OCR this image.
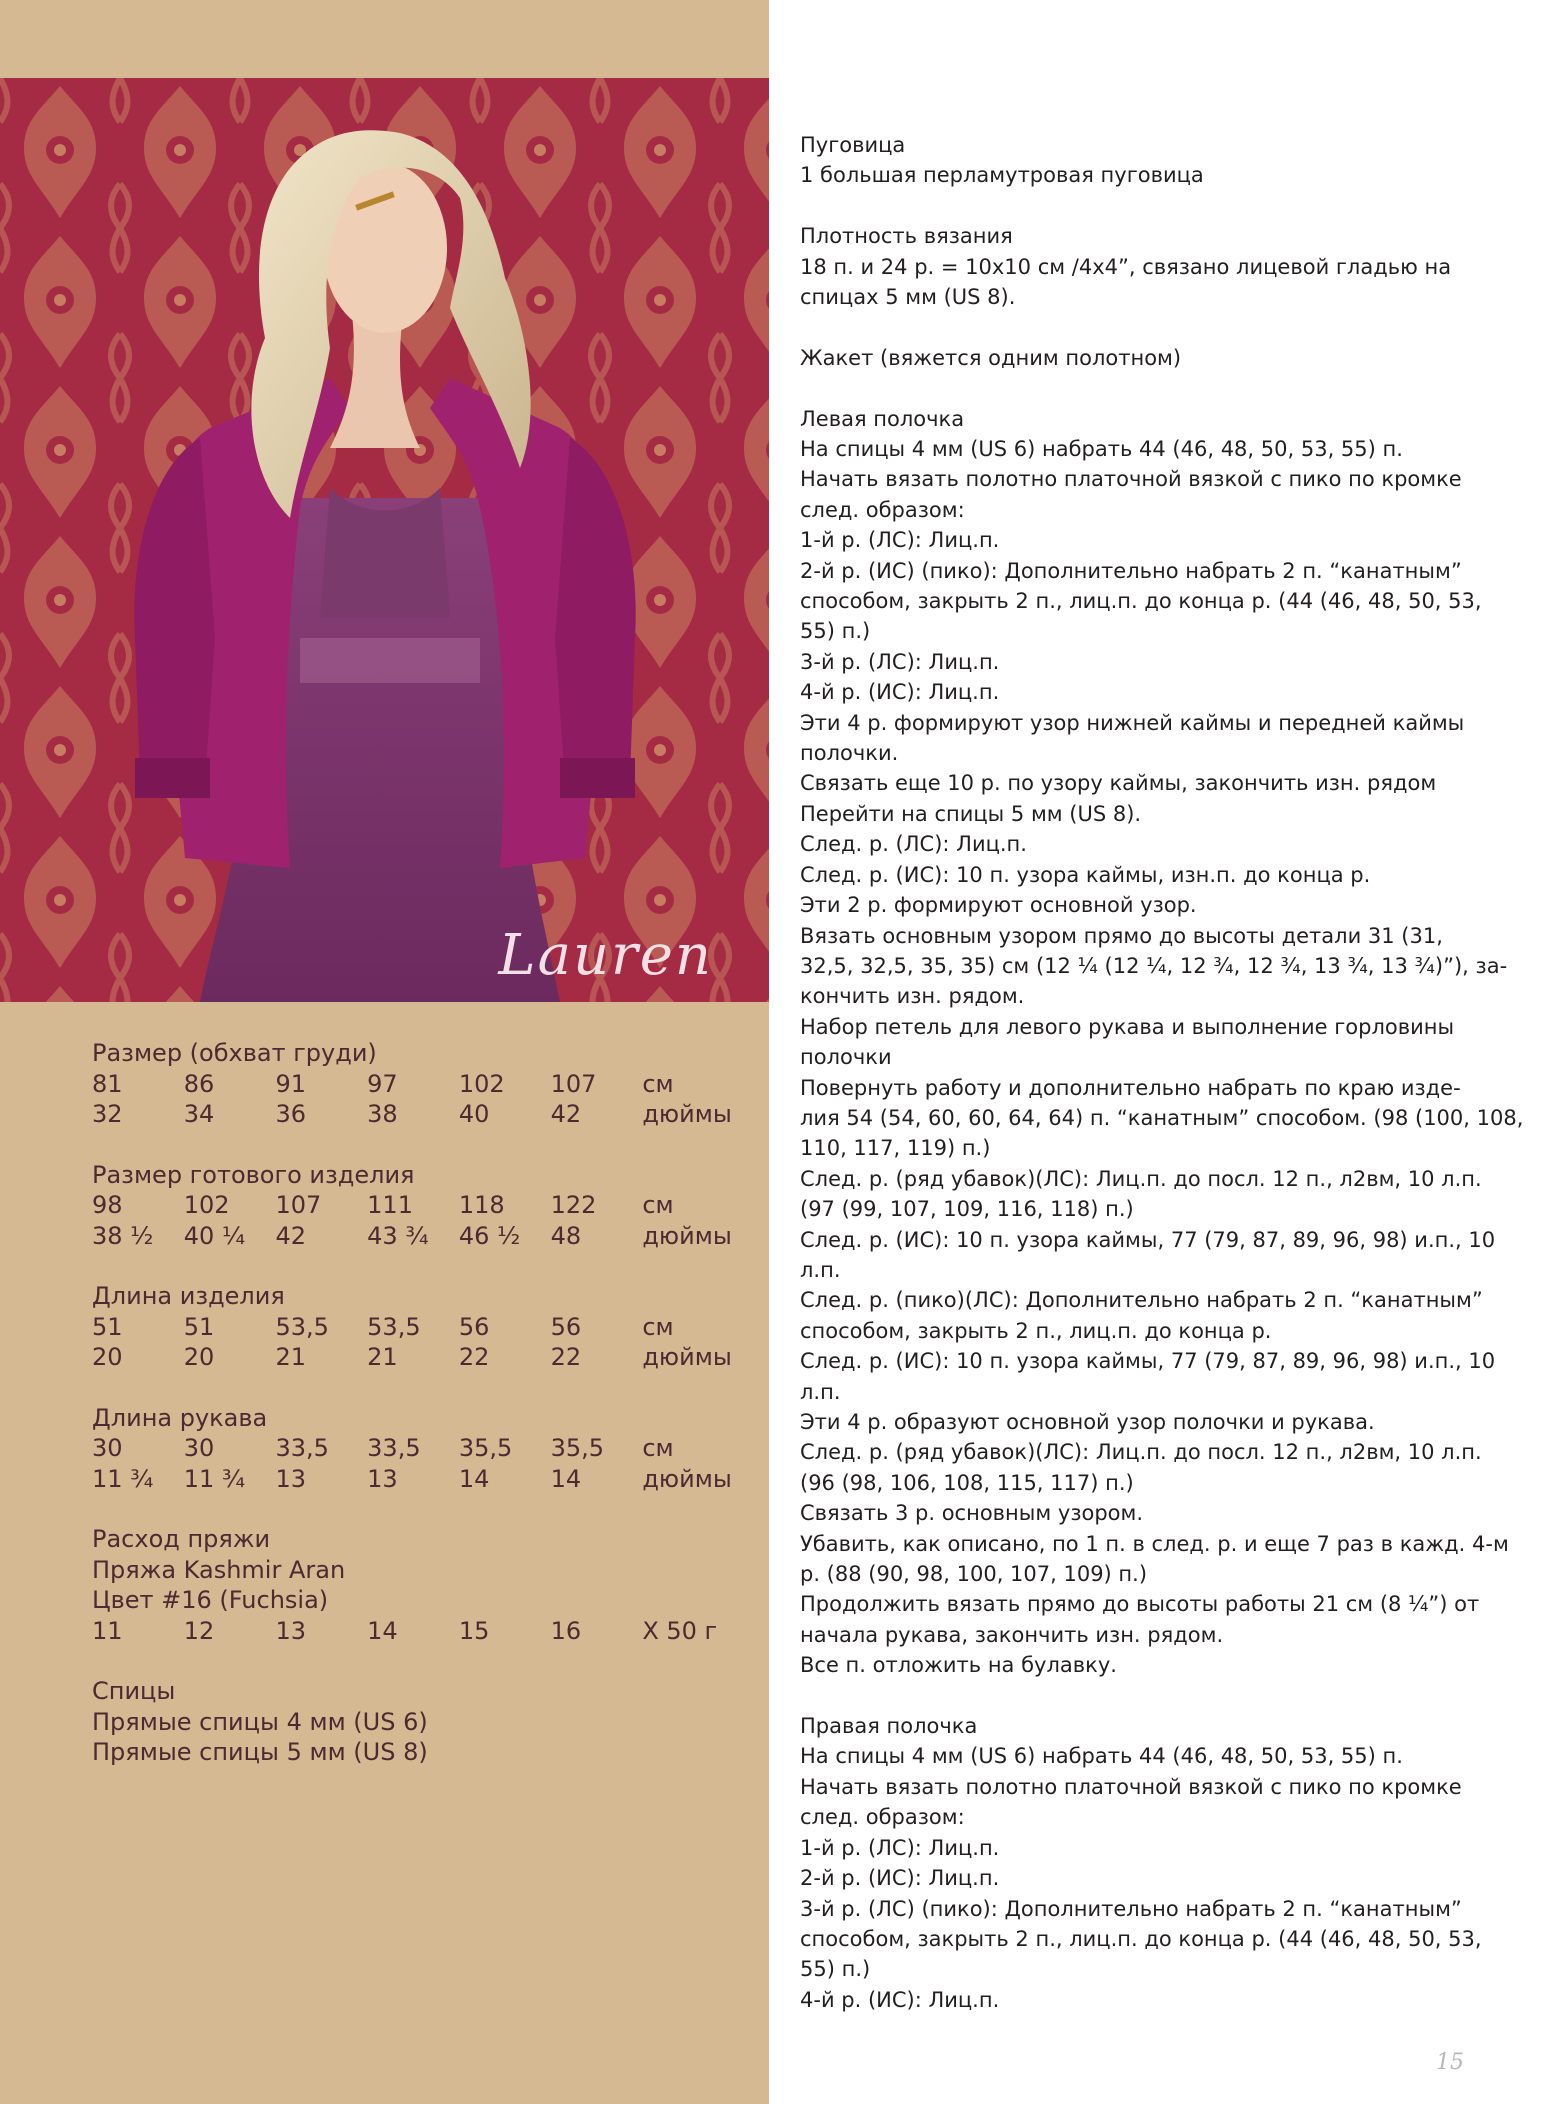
Lauren
Размер (обхват груди)
81	86	91	97	102	107	см
32	34	36	38	40	42	дюймы
Размер готового изделия
98	102	107	111	118	122	см
38 ½	40 ¼	42	43 ¾	46 ½	48	дюймы
Длина изделия
51	51	53,5	53,5	56	56	см
20	20	21	21	22	22	дюймы
Длина рукава
30	30	33,5	33,5	35,5	35,5	см
11 ¾	11 ¾	13	13	14	14	дюймы
Расход пряжи
Пряжа Kashmir Aran
Цвет #16 (Fuchsia)
11	12	13	14	15	16	X 50 г
Спицы
Прямые спицы 4 мм (US 6)
Прямые спицы 5 мм (US 8)
Пуговица
1 большая перламутровая пуговица
Плотность вязания
18 п. и 24 р. = 10x10 см /4x4”, связано лицевой гладью на
спицах 5 мм (US 8).
Жакет (вяжется одним полотном)
Левая полочка
На спицы 4 мм (US 6) набрать 44 (46, 48, 50, 53, 55) п.
Начать вязать полотно платочной вязкой с пико по кромке
след. образом:
1-й р. (ЛС): Лиц.п.
2-й р. (ИС) (пико): Дополнительно набрать 2 п. “канатным”
способом, закрыть 2 п., лиц.п. до конца р. (44 (46, 48, 50, 53,
55) п.)
3-й р. (ЛС): Лиц.п.
4-й р. (ИС): Лиц.п.
Эти 4 р. формируют узор нижней каймы и передней каймы
полочки.
Связать еще 10 р. по узору каймы, закончить изн. рядом
Перейти на спицы 5 мм (US 8).
След. р. (ЛС): Лиц.п.
След. р. (ИС): 10 п. узора каймы, изн.п. до конца р.
Эти 2 р. формируют основной узор.
Вязать основным узором прямо до высоты детали 31 (31,
32,5, 32,5, 35, 35) см (12 ¼ (12 ¼, 12 ¾, 12 ¾, 13 ¾, 13 ¾)”), за-
кончить изн. рядом.
Набор петель для левого рукава и выполнение горловины
полочки
Повернуть работу и дополнительно набрать по краю изде-
лия 54 (54, 60, 60, 64, 64) п. “канатным” способом. (98 (100, 108,
110, 117, 119) п.)
След. р. (ряд убавок)(ЛС): Лиц.п. до посл. 12 п., л2вм, 10 л.п.
(97 (99, 107, 109, 116, 118) п.)
След. р. (ИС): 10 п. узора каймы, 77 (79, 87, 89, 96, 98) и.п., 10
л.п.
След. р. (пико)(ЛС): Дополнительно набрать 2 п. “канатным”
способом, закрыть 2 п., лиц.п. до конца р.
След. р. (ИС): 10 п. узора каймы, 77 (79, 87, 89, 96, 98) и.п., 10
л.п.
Эти 4 р. образуют основной узор полочки и рукава.
След. р. (ряд убавок)(ЛС): Лиц.п. до посл. 12 п., л2вм, 10 л.п.
(96 (98, 106, 108, 115, 117) п.)
Связать 3 р. основным узором.
Убавить, как описано, по 1 п. в след. р. и еще 7 раз в кажд. 4-м
р. (88 (90, 98, 100, 107, 109) п.)
Продолжить вязать прямо до высоты работы 21 см (8 ¼”) от
начала рукава, закончить изн. рядом.
Все п. отложить на булавку.
Правая полочка
На спицы 4 мм (US 6) набрать 44 (46, 48, 50, 53, 55) п.
Начать вязать полотно платочной вязкой с пико по кромке
след. образом:
1-й р. (ЛС): Лиц.п.
2-й р. (ИС): Лиц.п.
3-й р. (ЛС) (пико): Дополнительно набрать 2 п. “канатным”
способом, закрыть 2 п., лиц.п. до конца р. (44 (46, 48, 50, 53,
55) п.)
4-й р. (ИС): Лиц.п.
15
